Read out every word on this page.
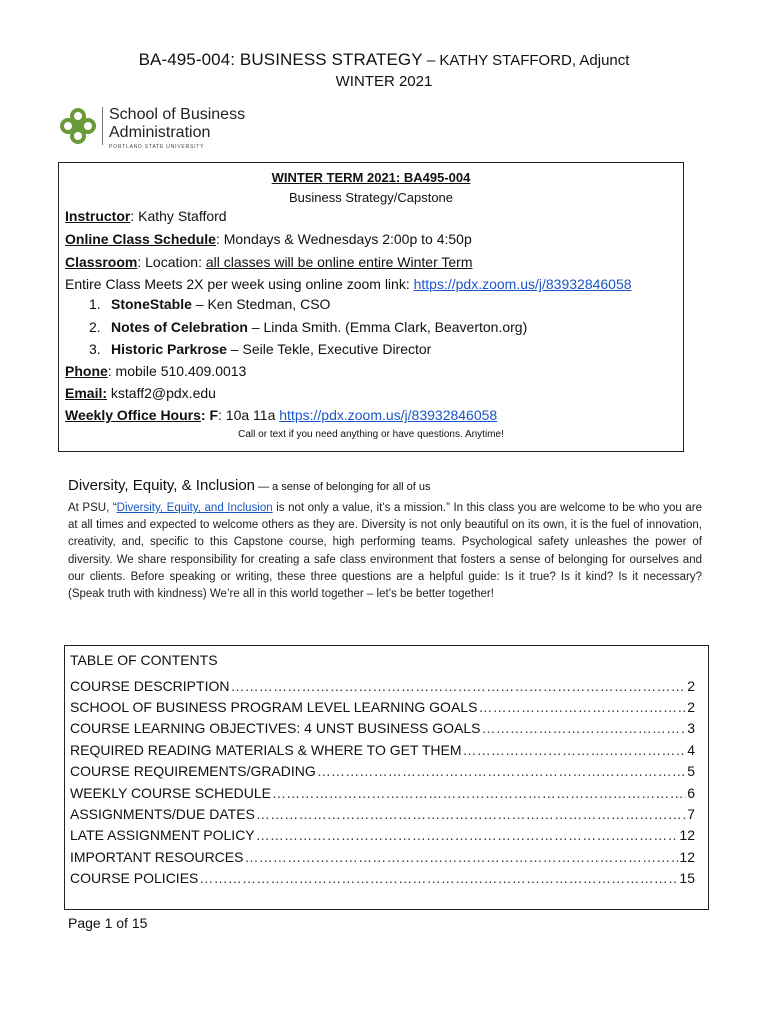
BA-495-004: BUSINESS STRATEGY – KATHY STAFFORD, Adjunct
WINTER 2021
School of Business
Administration
PORTLAND STATE UNIVERSITY
WINTER TERM 2021: BA495-004
Business Strategy/Capstone
Instructor: Kathy Stafford
Online Class Schedule: Mondays & Wednesdays 2:00p to 4:50p
Classroom: Location: all classes will be online entire Winter Term
Entire Class Meets 2X per week using online zoom link: https://pdx.zoom.us/j/83932846058
1. StoneStable – Ken Stedman, CSO
2. Notes of Celebration – Linda Smith. (Emma Clark, Beaverton.org)
3. Historic Parkrose – Seile Tekle, Executive Director
Phone: mobile 510.409.0013
Email: kstaff2@pdx.edu
Weekly Office Hours: F: 10a 11a https://pdx.zoom.us/j/83932846058
Call or text if you need anything or have questions. Anytime!
Diversity, Equity, & Inclusion — a sense of belonging for all of us
At PSU, “Diversity, Equity, and Inclusion is not only a value, it’s a mission.” In this class you are welcome to be who you are at all times and expected to welcome others as they are. Diversity is not only beautiful on its own, it is the fuel of innovation, creativity, and, specific to this Capstone course, high performing teams. Psychological safety unleashes the power of diversity. We share responsibility for creating a safe class environment that fosters a sense of belonging for ourselves and our clients. Before speaking or writing, these three questions are a helpful guide: Is it true? Is it kind? Is it necessary? (Speak truth with kindness) We’re all in this world together – let’s be better together!
TABLE OF CONTENTS
COURSE DESCRIPTION …………………………………………………………………………………………………………………………………………	2
SCHOOL OF BUSINESS PROGRAM LEVEL LEARNING GOALS …………………………………………………………………………………………………………………………………………	2
COURSE LEARNING OBJECTIVES: 4 UNST BUSINESS GOALS …………………………………………………………………………………………………………………………………………	3
REQUIRED READING MATERIALS & WHERE TO GET THEM …………………………………………………………………………………………………………………………………………	4
COURSE REQUIREMENTS/GRADING …………………………………………………………………………………………………………………………………………	5
WEEKLY COURSE SCHEDULE …………………………………………………………………………………………………………………………………………	6
ASSIGNMENTS/DUE DATES …………………………………………………………………………………………………………………………………………	7
LATE ASSIGNMENT POLICY …………………………………………………………………………………………………………………………………………	12
IMPORTANT RESOURCES …………………………………………………………………………………………………………………………………………	12
COURSE POLICIES …………………………………………………………………………………………………………………………………………	15
Page 1 of 15
